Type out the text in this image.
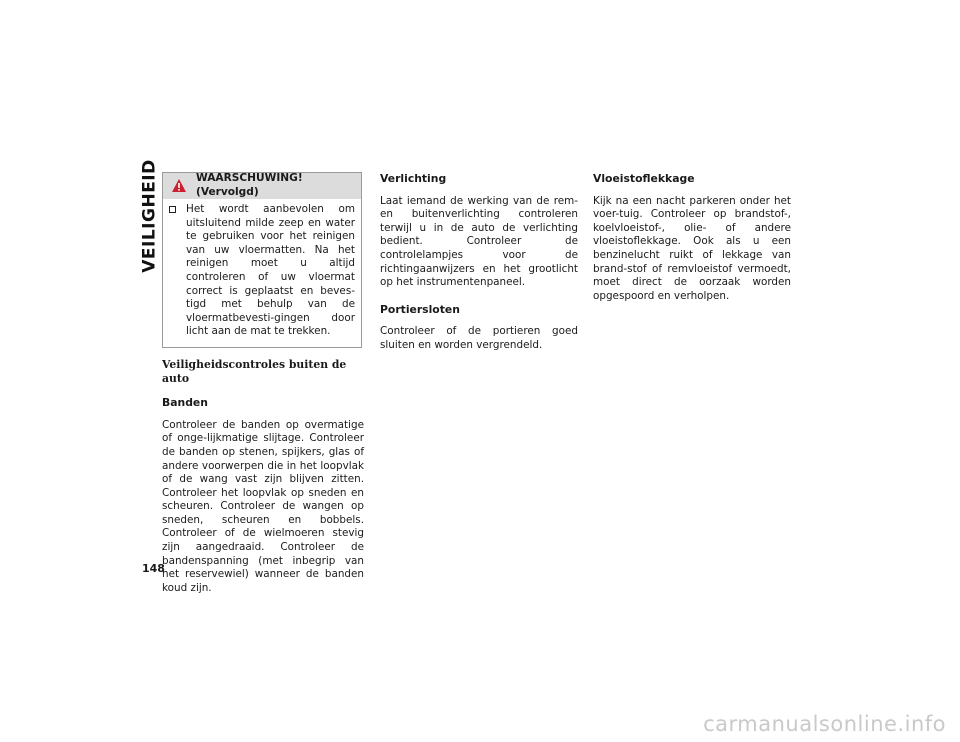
VEILIGHEID	WAARSCHUWING! (Vervolgd)

Het wordt aanbevolen om uitsluitend milde zeep en water te gebruiken voor het reinigen van uw vloermatten. Na het reinigen moet u altijd controleren of uw vloermat correct is geplaatst en beves-tigd met behulp van de vloermatbevesti-gingen door licht aan de mat te trekken.

Veiligheidscontroles buiten de auto
Banden

Controleer de banden op overmatige of onge-lijkmatige slijtage. Controleer de banden op stenen, spijkers, glas of andere voorwerpen die in het loopvlak of de wang vast zijn blijven zitten. Controleer het loopvlak op sneden en scheuren. Controleer de wangen op sneden, scheuren en bobbels. Controleer of de wielmoeren stevig zijn aangedraaid. Controleer de bandenspanning (met inbegrip van het reservewiel) wanneer de banden koud zijn.

Verlichting

Laat iemand de werking van de rem- en buitenverlichting controleren terwijl u in de auto de verlichting bedient. Controleer de controlelampjes voor de richtingaanwijzers en het grootlicht op het instrumentenpaneel.

Portiersloten

Controleer of de portieren goed sluiten en worden vergrendeld.

Vloeistoflekkage

Kijk na een nacht parkeren onder het voer-tuig. Controleer op brandstof-, koelvloeistof-, olie- of andere vloeistoflekkage. Ook als u een benzinelucht ruikt of lekkage van brand-stof of remvloeistof vermoedt, moet direct de oorzaak worden opgespoord en verholpen.

148
carmanualsonline.info
